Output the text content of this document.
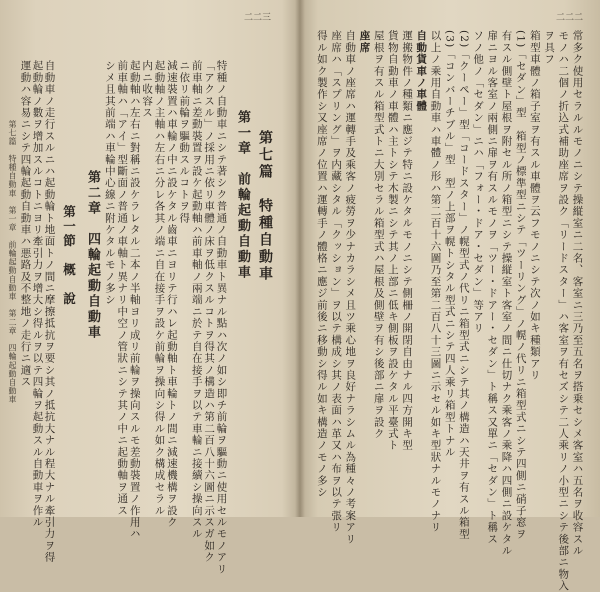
二二二
常多ク使用セラルルモノニシテ操縦室ニ二名、客室ニ三乃至五名ヲ搭乗セシメ客室ハ五名ヲ收容スル
モノハ二個ノ折込式補助座席ヲ設ク「リードスター」ハ客室ヲ有セズシテ二人乘リノ小型ニシテ後部ニ物入
ヲ具フ
箱型車體ノ箱子室ヲ有スル車體ヲ云フモノニシテ次ノ如キ種類アリ
(1)「セダン」型　箱型ノ標準型ニシテ「ツーリング」ノ幌ノ代リニ箱型式ニシテ四側ニ硝子窓ヲ
有スル側壁ト屋根ヲ附セル所ノ箱型ニシテ操縦室ト客室ノ間ニ仕切ナク乘客ノ乘降ハ四側ニ設ケタル
扉ニヨル客室ノ兩側ニ扉ヲ有スルモノヲ「ツー・ドアー・セダン」ト稱ス又單ニ「セダン」ト稱ス
ソノ他ノ「セダン」ニハ「フォー・ドア・セダン」等アリ
(2)「クーペー」型「コードスター」ノ幌型式ノ代リニ箱型式ニシテ其ノ構造ハ天井ヲ有スル箱型
(3)「コンバーチブル」型　型ノ上部ヲ幌トシタル型式ニシテ四人乘リ箱型トナル
以上ノ乘用自動車ハ車體ノ形ハ第二百十六圖乃至第二百八十三圖ニ示セル如キ型狀ナルモノナリ
自動貨車ノ車體
運搬物件ノ種類ニ應ジテ特ニ設ケタルモノニシテ側柵ノ開閉自由ナル四方開キ型
貨物自動車ノ車體ハ主トシテ木製ニシテ其ノ上部ニ低キ側板ヲ設ケタル平臺式ト
屋根ヲ有スル箱型式トニ大別セラル箱型式ハ屋根及側壁ヲ有シ後部ニ扉ヲ設ク
座席
自動車ノ座席ハ運轉手及乘客ノ疲勞ヲ少ナカラシメ且ツ乘心地ヲ良好ナラシムル為種々ノ考案アリ
座席ハ「スプリング」ヲ内藏シタル「クッション」ヲ以テ構成シ其ノ表面ハ革又ハ布ヲ以テ張リ
得ル如ク製作シ又座席ノ位置ハ運轉手ノ體格ニ應ジ前後ニ移動シ得ル如キ構造ノモノ多シ
二二三
第七篇　特種自動車
第一章　前輪起動自動車
特種ノ自動車ニシテ著シク普通ノ自動車ト異ナル點ハ次ノ如シ即チ前輪ヲ驅動ニ使用セルモノアリ
「アクスル」ノ採用ニ依リ車體ノ床ヲ低クスルコトヲ得其ノ構造ハ第二百八十六圖ニ示スガ如ク
前車軸ニ差動裝置ヲ設ケ起動軸ハ前車軸ノ兩端ニ於テ自在接手ヲ以テ車輪ニ接續シ操向スル
ニ依リ前輪ヲ驅動スルコトヲ得
減速裝置ハ車輪ノ中ニ設ケタル齒車ニヨリテ行ハレ起動軸ト車輪トノ間ニ減速機構ヲ設ク
起動軸ノ主軸ハ左右ニ分レ各其ノ端ニ自在接手ヲ設ケ前輪ヲ操向シ得ル如ク構成セラル
内ニ收容ス
起動軸ハ左右ニ對稱ニ設ケラレタル二本ノ半軸ヨリ成リ前輪ヲ操向スルモ差動裝置ノ作用ハ
前車軸ハ「アイ」型斷面ノ普通ノ車軸ト異ナリ中空ノ管狀ニシテ其ノ中ニ起動軸ヲ通ス
シメ且其前端ハ車輪中心線ニ附ケタルモノ多シ
第二章　四輪起動自動車
第一節　概　說
自動車ノ走行スルニハ起動輪ト地面トノ間ニ摩擦抵抗ヲ要シ其ノ抵抗大ナル程大ナル牽引力ヲ得
起動輪ノ數ヲ增加スルコトニヨリ牽引力ヲ增大シ得ルヲ以テ四輪ヲ起動スル自動車ヲ作ル
運動ハ容易ニシテ四輪起動自動車ハ悪路及不整地ノ走行ニ適ス
第七篇　特種自動車　第一章　前輪起動自動車　第二章　四輪起動自動車
